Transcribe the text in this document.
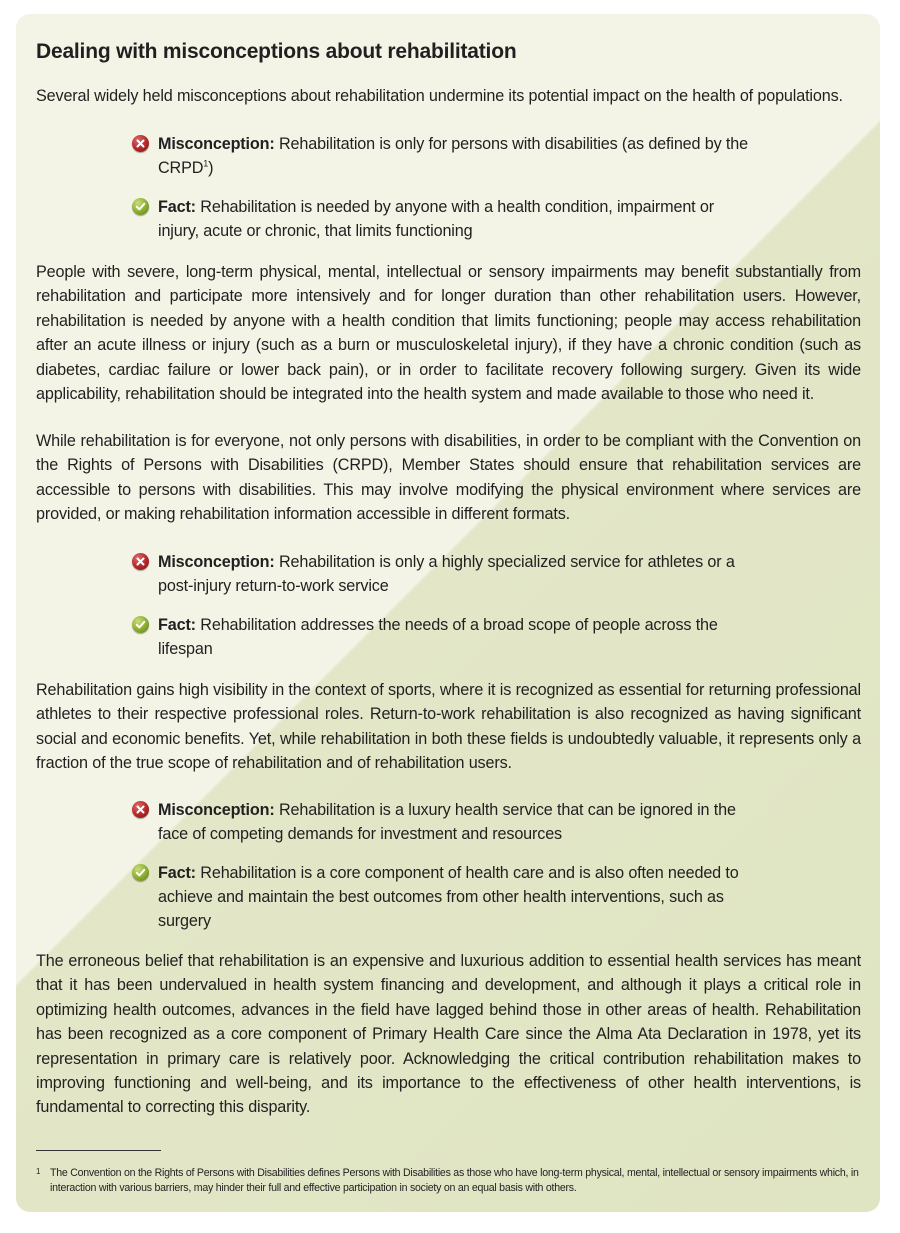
Dealing with misconceptions about rehabilitation

Several widely held misconceptions about rehabilitation undermine its potential impact on the health of populations.

Misconception: Rehabilitation is only for persons with disabilities (as defined by the CRPD$^1$)
Fact: Rehabilitation is needed by anyone with a health condition, impairment or injury, acute or chronic, that limits functioning

People with severe, long-term physical, mental, intellectual or sensory impairments may benefit substantially from rehabilitation and participate more intensively and for longer duration than other rehabilitation users. However, rehabilitation is needed by anyone with a health condition that limits functioning; people may access rehabilitation after an acute illness or injury (such as a burn or musculoskeletal injury), if they have a chronic condition (such as diabetes, cardiac failure or lower back pain), or in order to facilitate recovery following surgery. Given its wide applicability, rehabilitation should be integrated into the health system and made available to those who need it.

While rehabilitation is for everyone, not only persons with disabilities, in order to be compliant with the Convention on the Rights of Persons with Disabilities (CRPD), Member States should ensure that rehabilitation services are accessible to persons with disabilities. This may involve modifying the physical environment where services are provided, or making rehabilitation information accessible in different formats.

Misconception: Rehabilitation is only a highly specialized service for athletes or a post-injury return-to-work service
Fact: Rehabilitation addresses the needs of a broad scope of people across the lifespan

Rehabilitation gains high visibility in the context of sports, where it is recognized as essential for returning professional athletes to their respective professional roles. Return-to-work rehabilitation is also recognized as having significant social and economic benefits. Yet, while rehabilitation in both these fields is undoubtedly valuable, it represents only a fraction of the true scope of rehabilitation and of rehabilitation users.

Misconception: Rehabilitation is a luxury health service that can be ignored in the face of competing demands for investment and resources
Fact: Rehabilitation is a core component of health care and is also often needed to achieve and maintain the best outcomes from other health interventions, such as surgery

The erroneous belief that rehabilitation is an expensive and luxurious addition to essential health services has meant that it has been undervalued in health system financing and development, and although it plays a critical role in optimizing health outcomes, advances in the field have lagged behind those in other areas of health. Rehabilitation has been recognized as a core component of Primary Health Care since the Alma Ata Declaration in 1978, yet its representation in primary care is relatively poor. Acknowledging the critical contribution rehabilitation makes to improving functioning and well-being, and its importance to the effectiveness of other health interventions, is fundamental to correcting this disparity.

1 The Convention on the Rights of Persons with Disabilities defines Persons with Disabilities as those who have long-term physical, mental, intellectual or sensory impairments which, in interaction with various barriers, may hinder their full and effective participation in society on an equal basis with others.
